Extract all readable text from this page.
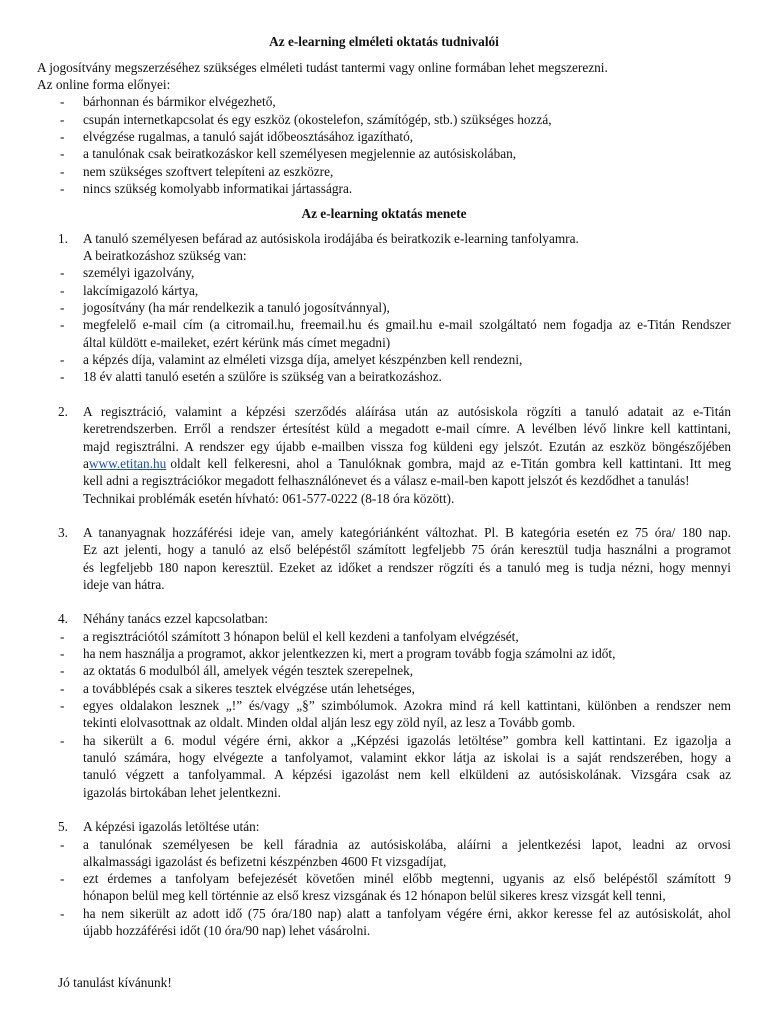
Az e-learning elméleti oktatás tudnivalói
A jogosítvány megszerzéséhez szükséges elméleti tudást tantermi vagy online formában lehet megszerezni.
Az online forma előnyei:
- bárhonnan és bármikor elvégezhető,
- csupán internetkapcsolat és egy eszköz (okostelefon, számítógép, stb.) szükséges hozzá,
- elvégzése rugalmas, a tanuló saját időbeosztásához igazítható,
- a tanulónak csak beiratkozáskor kell személyesen megjelennie az autósiskolában,
- nem szükséges szoftvert telepíteni az eszközre,
- nincs szükség komolyabb informatikai jártasságra.
Az e-learning oktatás menete
1. A tanuló személyesen befárad az autósiskola irodájába és beiratkozik e-learning tanfolyamra.
A beiratkozáshoz szükség van:
- személyi igazolvány,
- lakcímigazoló kártya,
- jogosítvány (ha már rendelkezik a tanuló jogosítvánnyal),
- megfelelő e-mail cím (a citromail.hu, freemail.hu és gmail.hu e-mail szolgáltató nem fogadja az e-Titán Rendszer
által küldött e-maileket, ezért kérünk más címet megadni)
- a képzés díja, valamint az elméleti vizsga díja, amelyet készpénzben kell rendezni,
- 18 év alatti tanuló esetén a szülőre is szükség van a beiratkozáshoz.
2. A regisztráció, valamint a képzési szerződés aláírása után az autósiskola rögzíti a tanuló adatait az e-Titán
keretrendszerben. Erről a rendszer értesítést küld a megadott e-mail címre. A levélben lévő linkre kell kattintani,
majd regisztrálni. A rendszer egy újabb e-mailben vissza fog küldeni egy jelszót. Ezután az eszköz böngészőjében
a www.etitan.hu oldalt kell felkeresni, ahol a Tanulóknak gombra, majd az e-Titán gombra kell kattintani. Itt meg
kell adni a regisztrációkor megadott felhasználónevet és a válasz e-mail-ben kapott jelszót és kezdődhet a tanulás!
Technikai problémák esetén hívható: 061-577-0222 (8-18 óra között).
3. A tananyagnak hozzáférési ideje van, amely kategóriánként változhat. Pl. B kategória esetén ez 75 óra/ 180 nap.
Ez azt jelenti, hogy a tanuló az első belépéstől számított legfeljebb 75 órán keresztül tudja használni a programot
és legfeljebb 180 napon keresztül. Ezeket az időket a rendszer rögzíti és a tanuló meg is tudja nézni, hogy mennyi
ideje van hátra.
4. Néhány tanács ezzel kapcsolatban:
- a regisztrációtól számított 3 hónapon belül el kell kezdeni a tanfolyam elvégzését,
- ha nem használja a programot, akkor jelentkezzen ki, mert a program tovább fogja számolni az időt,
- az oktatás 6 modulból áll, amelyek végén tesztek szerepelnek,
- a továbblépés csak a sikeres tesztek elvégzése után lehetséges,
- egyes oldalakon lesznek „!” és/vagy „§” szimbólumok. Azokra mind rá kell kattintani, különben a rendszer nem
tekinti elolvasottnak az oldalt. Minden oldal alján lesz egy zöld nyíl, az lesz a Tovább gomb.
- ha sikerült a 6. modul végére érni, akkor a „Képzési igazolás letöltése” gombra kell kattintani. Ez igazolja a
tanuló számára, hogy elvégezte a tanfolyamot, valamint ekkor látja az iskolai is a saját rendszerében, hogy a
tanuló végzett a tanfolyammal. A képzési igazolást nem kell elküldeni az autósiskolának. Vizsgára csak az
igazolás birtokában lehet jelentkezni.
5. A képzési igazolás letöltése után:
- a tanulónak személyesen be kell fáradnia az autósiskolába, aláírni a jelentkezési lapot, leadni az orvosi
alkalmassági igazolást és befizetni készpénzben 4600 Ft vizsgadíjat,
- ezt érdemes a tanfolyam befejezését követően minél előbb megtenni, ugyanis az első belépéstől számított 9
hónapon belül meg kell történnie az első kresz vizsgának és 12 hónapon belül sikeres kresz vizsgát kell tenni,
- ha nem sikerült az adott idő (75 óra/180 nap) alatt a tanfolyam végére érni, akkor keresse fel az autósiskolát, ahol
újabb hozzáférési időt (10 óra/90 nap) lehet vásárolni.
Jó tanulást kívánunk!
